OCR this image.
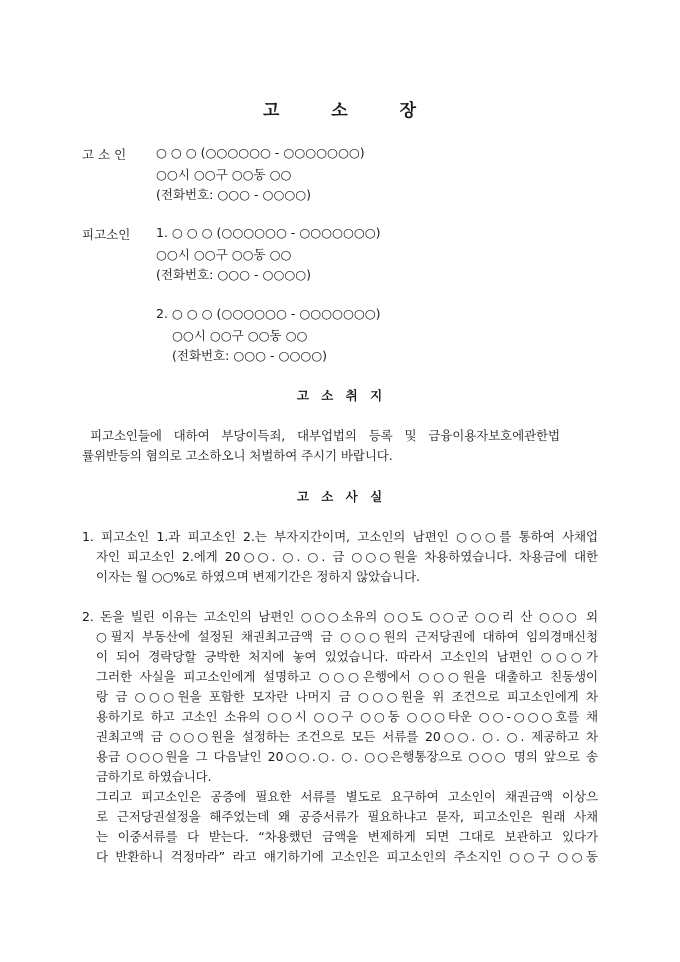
고 소 장
고 소 인 ○ ○ ○ (○○○○○○ - ○○○○○○○)
○○시 ○○구 ○○동 ○○
(전화번호: ○○○ - ○○○○)
피고소인 1. ○ ○ ○ (○○○○○○ - ○○○○○○○)
○○시 ○○구 ○○동 ○○
(전화번호: ○○○ - ○○○○)
2. ○ ○ ○ (○○○○○○ - ○○○○○○○)
○○시 ○○구 ○○동 ○○
(전화번호: ○○○ - ○○○○)
고 소 취 지
피고소인들에 대하여 부당이득죄, 대부업법의 등록 및 금융이용자보호에관한법
률위반등의 혐의로 고소하오니 처벌하여 주시기 바랍니다.
고 소 사 실
1. 피고소인 1.과 피고소인 2.는 부자지간이며, 고소인의 남편인 ○○○를 통하여 사채업
자인 피고소인 2.에게 20○○. ○. ○. 금 ○○○원을 차용하였습니다. 차용금에 대한
이자는 월 ○○%로 하였으며 변제기간은 정하지 않았습니다.
2. 돈을 빌린 이유는 고소인의 남편인 ○○○소유의 ○○도 ○○군 ○○리 산 ○○○ 외
○필지 부동산에 설정된 채권최고금액 금 ○○○원의 근저당권에 대하여 임의경매신청
이 되어 경락당할 긍박한 처지에 놓여 있었습니다. 따라서 고소인의 남편인 ○○○가
그러한 사실을 피고소인에게 설명하고 ○○○은행에서 ○○○원을 대출하고 친동생이
랑 금 ○○○원을 포함한 모자란 나머지 금 ○○○원을 위 조건으로 피고소인에게 차
용하기로 하고 고소인 소유의 ○○시 ○○구 ○○동 ○○○타운 ○○-○○○호를 채
권최고액 금 ○○○원을 설정하는 조건으로 모든 서류를 20○○. ○. ○. 제공하고 차
용금 ○○○원을 그 다음날인 20○○.○. ○. ○○은행통장으로 ○○○ 명의 앞으로 송
금하기로 하였습니다.
그리고 피고소인은 공증에 필요한 서류를 별도로 요구하여 고소인이 채권금액 이상으
로 근저당권설정을 해주었는데 왜 공증서류가 필요하냐고 묻자, 피고소인은 원래 사채
는 이중서류를 다 받는다. “차용했던 금액을 변제하게 되면 그대로 보관하고 있다가
다 반환하니 걱정마라” 라고 얘기하기에 고소인은 피고소인의 주소지인 ○○구 ○○동
